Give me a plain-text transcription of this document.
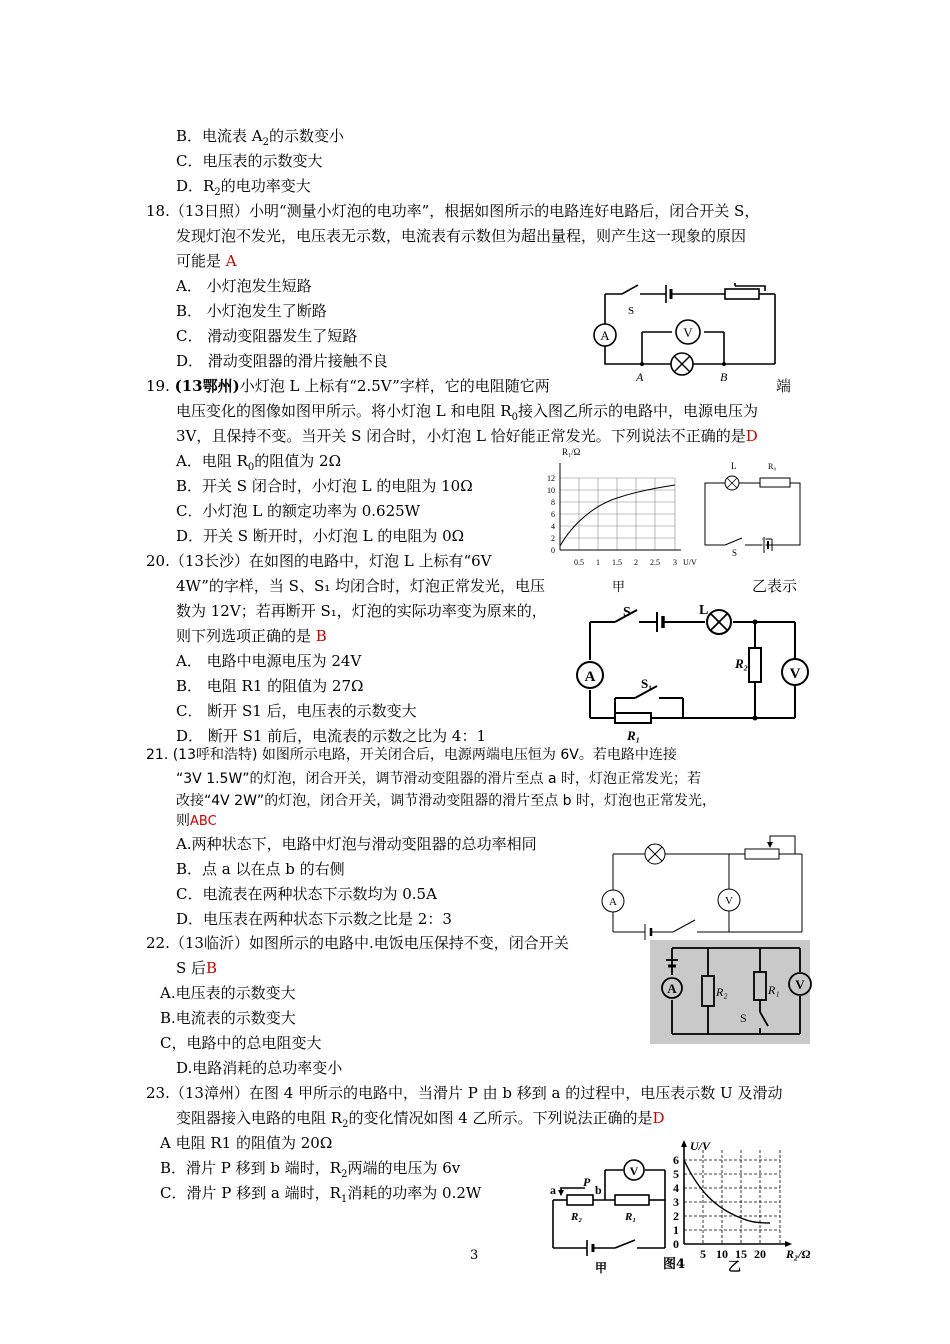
B．电流表 $A_2$的示数变小
C．电压表的示数变大
D．$R_2$的电功率变大
18.（13日照）小明“测量小灯泡的电功率”，根据如图所示的电路连好电路后，闭合开关 S，
发现灯泡不发光，电压表无示数，电流表有示数但为超出量程，则产生这一现象的原因
可能是 A
A． 小灯泡发生短路
B． 小灯泡发生了断路
C． 滑动变阻器发生了短路
D． 滑动变阻器的滑片接触不良
A	V
S
A	B
19. (13鄂州)小灯泡 L 上标有“2.5V”字样，它的电阻随它两	端
电压变化的图像如图甲所示。将小灯泡 L 和电阻 $R_0$接入图乙所示的电路中，电源电压为
3V，且保持不变。当开关 S 闭合时，小灯泡 L 恰好能正常发光。下列说法不正确的是D
A．电阻 $R_0$的阻值为 2Ω
B．开关 S 闭合时，小灯泡 L 的电阻为 10Ω
C．小灯泡 L 的额定功率为 0.625W
D．开关 S 断开时，小灯泡 L 的电阻为 0Ω
R₁/Ω
12
10
8
6
4
2
0
0.5 1 1.5 2 2.5 3 U/V
L	R₀
S
20.（13长沙）在如图的电路中，灯泡 L 上标有“6V
甲	乙表示
4W”的字样，当 S、S₁ 均闭合时，灯泡正常发光，电压
数为 12V；若再断开 S₁，灯泡的实际功率变为原来的，
则下列选项正确的是 B
A． 电路中电源电压为 24V
B． 电阻 R1 的阻值为 27Ω
C． 断开 S1 后，电压表的示数变大
D． 断开 S1 前后，电流表的示数之比为 4：1
A	V
S	L
R₂
S₁
R₁
21. (13呼和浩特) 如图所示电路，开关闭合后，电源两端电压恒为 6V。若电路中连接
“3V 1.5W”的灯泡，闭合开关，调节滑动变阻器的滑片至点 a 时，灯泡正常发光；若
改接“4V 2W”的灯泡，闭合开关，调节滑动变阻器的滑片至点 b 时，灯泡也正常发光，
则ABC
A.两种状态下，电路中灯泡与滑动变阻器的总功率相同
B．点 a 以在点 b 的右侧
C．电流表在两种状态下示数均为 0.5A
D．电压表在两种状态下示数之比是 2：3
A	V
22.（13临沂）如图所示的电路中.电饭电压保持不变，闭合开关
S 后B
A.电压表的示数变大
B.电流表的示数变大
C，电路中的总电阻变大
D.电路消耗的总功率变小
A	V
R₂	R₁
S
23.（13漳州）在图 4 甲所示的电路中，当滑片 P 由 b 移到 a 的过程中，电压表示数 U 及滑动
变阻器接入电路的电阻 $R_2$的变化情况如图 4 乙所示。下列说法正确的是D
A 电阻 R1 的阻值为 20Ω
B．滑片 P 移到 b 端时，$R_2$两端的电压为 6v
C．滑片 P 移到 a 端时，$R_1$消耗的功率为 0.2W
V
a
P
b
R₂	R₁
甲	图4	乙
U/V
6
5
4
3
2
1
0
5 10 15 20 R₂/Ω
3
